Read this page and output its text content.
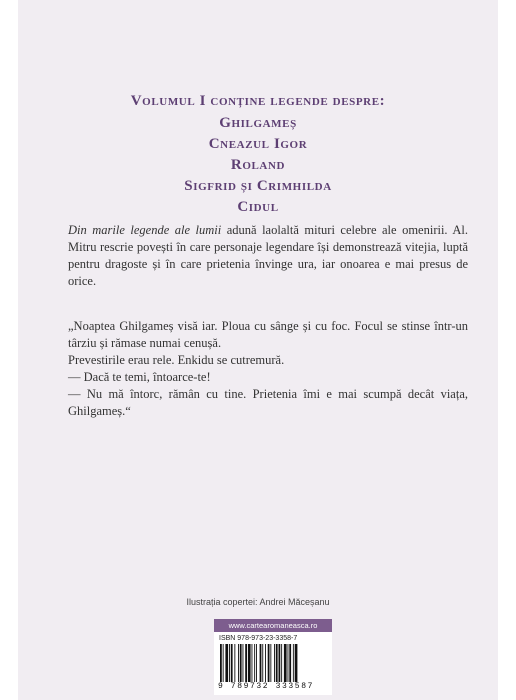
Volumul I conține legende despre:
Ghilgameș
Cneazul Igor
Roland
Sigfrid și Crimhilda
Cidul
Din marile legende ale lumii adună laolaltă mituri celebre ale omenirii. Al. Mitru rescrie povești în care personaje legendare își demonstrează vitejia, luptă pentru dragoste și în care prietenia învinge ura, iar onoarea e mai presus de orice.

„Noaptea Ghilgameș visă iar. Ploua cu sânge și cu foc. Focul se stinse într-un târziu și rămase numai cenușă.

Prevestirile erau rele. Enkidu se cutremură.

— Dacă te temi, întoarce-te!

— Nu mă întorc, rămân cu tine. Prietenia îmi e mai scumpă decât viața, Ghilgameș.“

Ilustrația copertei: Andrei Măceșanu
www.cartearomaneasca.ro
ISBN 978-973-23-3358-7
9 789732 333587
